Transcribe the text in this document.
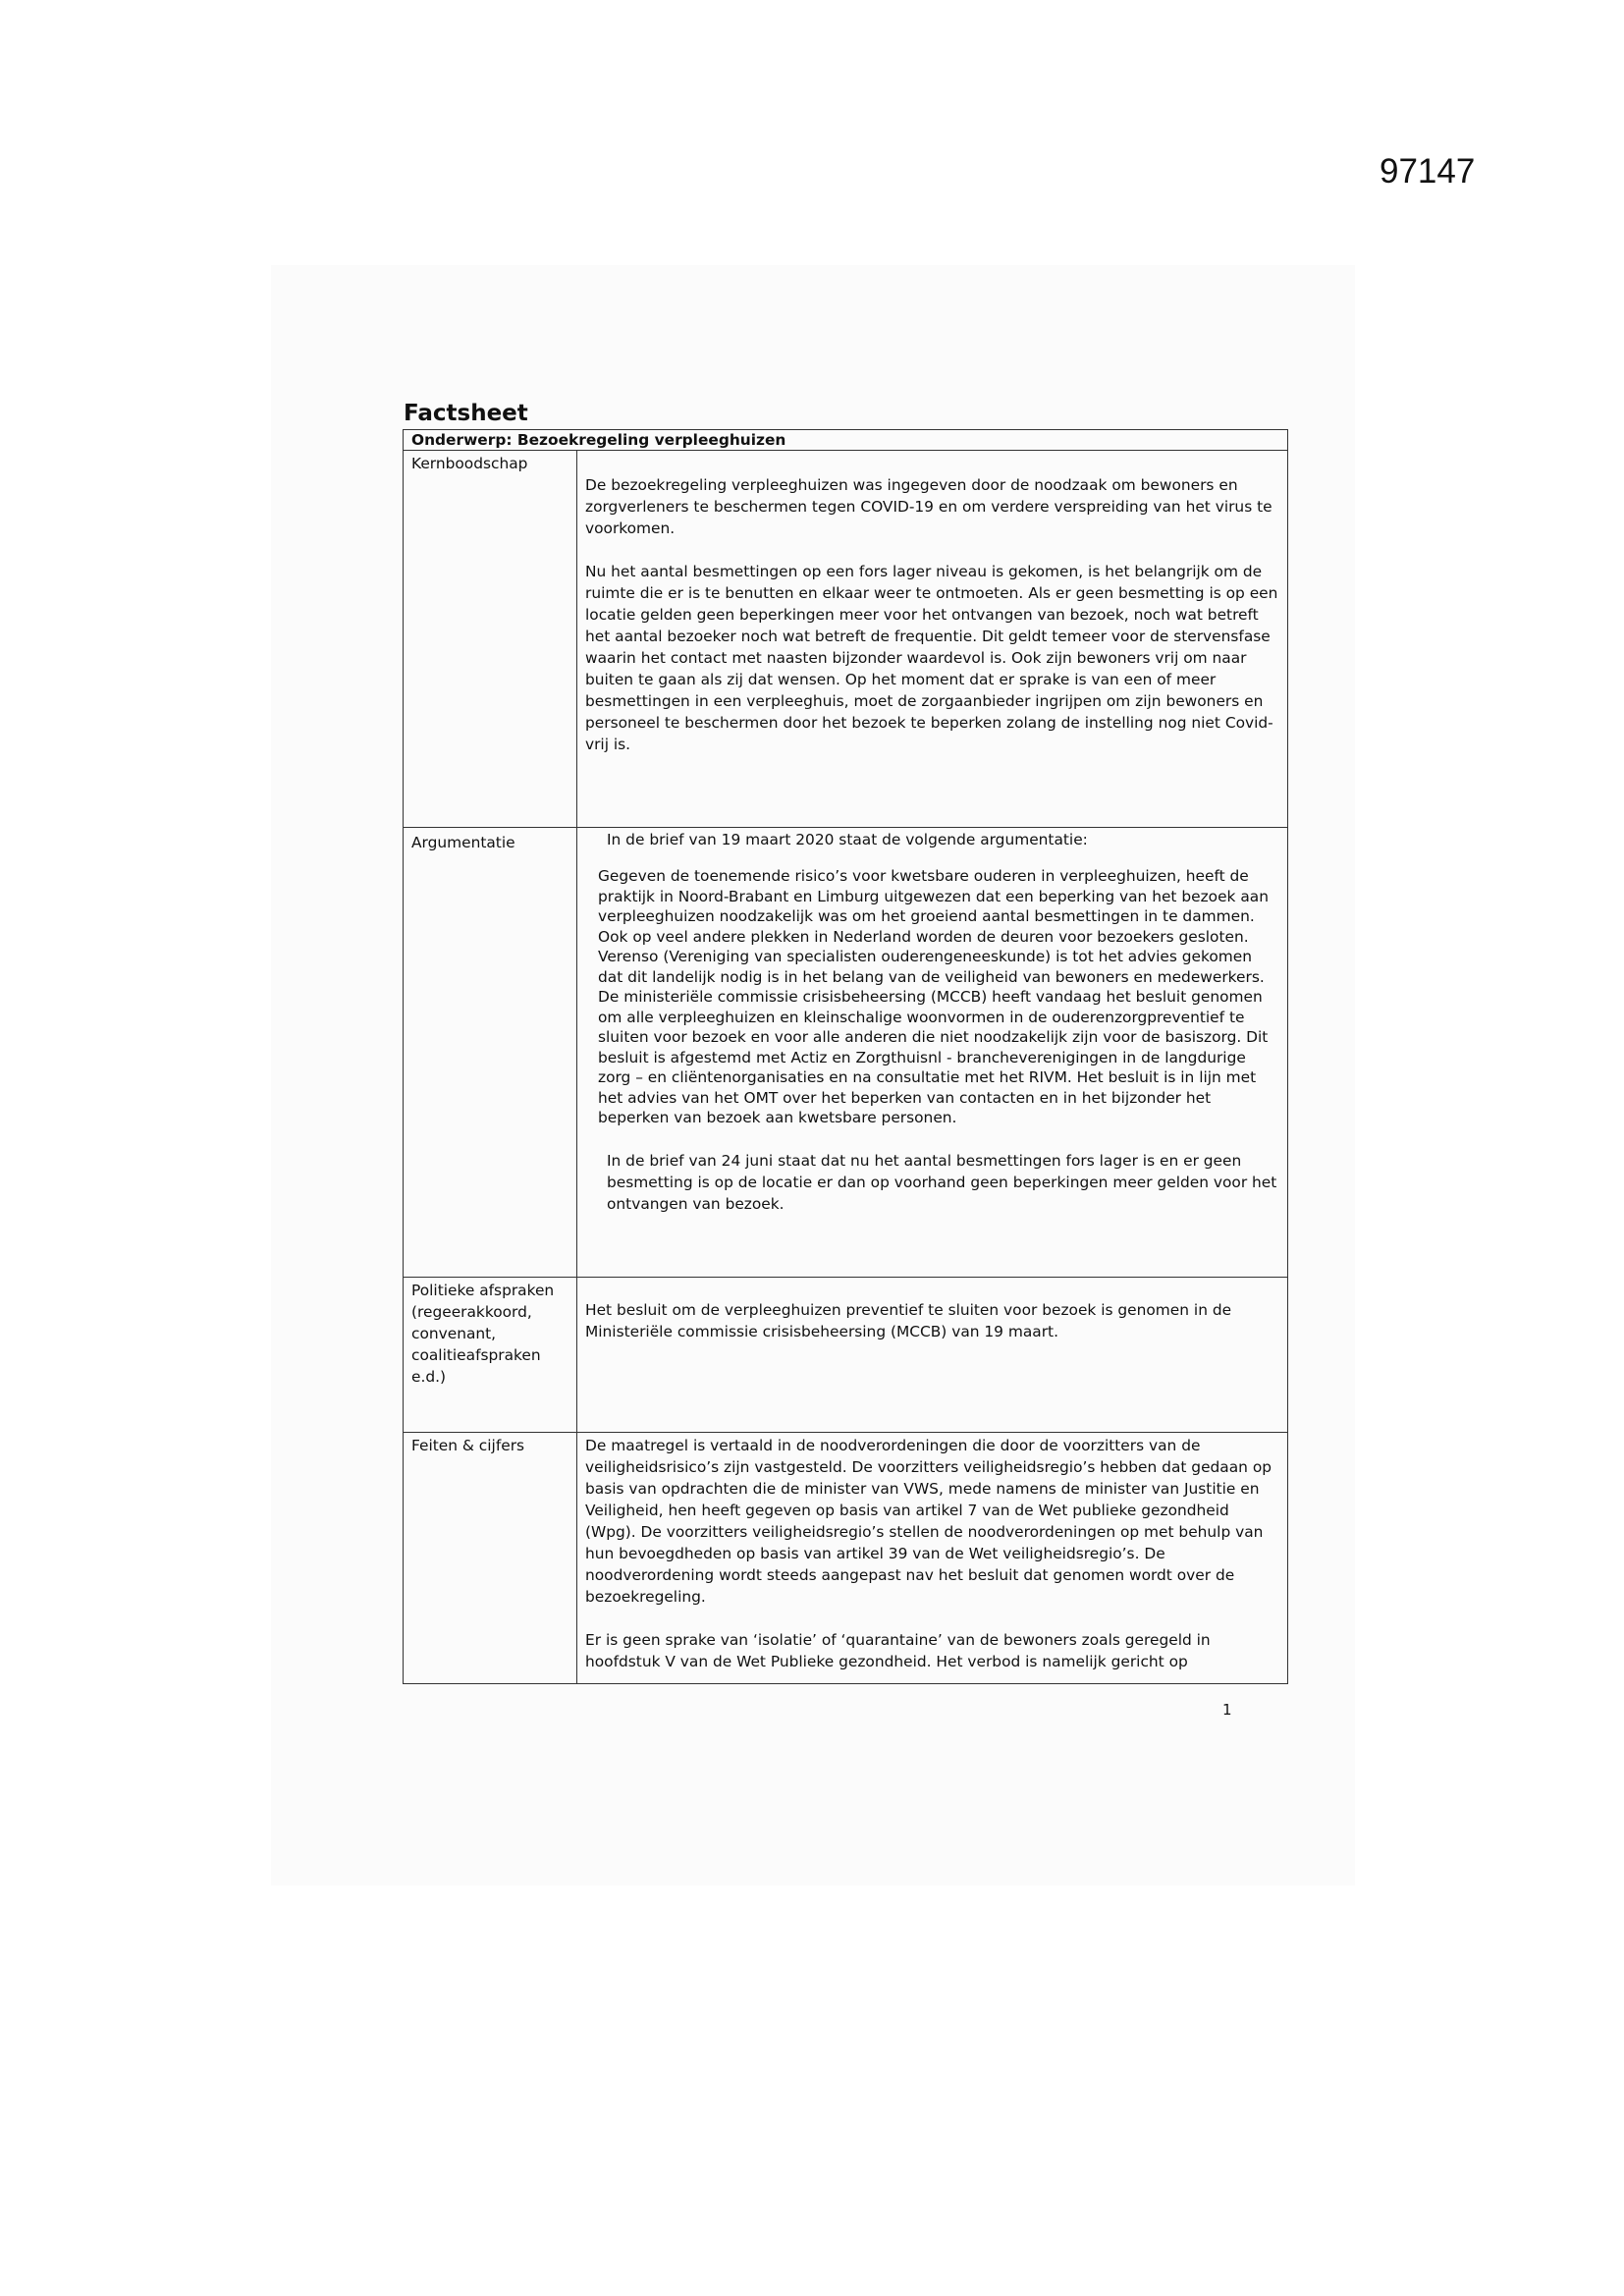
97147
Factsheet
Onderwerp: Bezoekregeling verpleeghuizen	
Kernboodschap	De bezoekregeling verpleeghuizen was ingegeven door de noodzaak om bewoners en zorgverleners te beschermen tegen COVID-19 en om verdere verspreiding van het virus te voorkomen.

Nu het aantal besmettingen op een fors lager niveau is gekomen, is het belangrijk om de ruimte die er is te benutten en elkaar weer te ontmoeten. Als er geen besmetting is op een locatie gelden geen beperkingen meer voor het ontvangen van bezoek, noch wat betreft het aantal bezoeker noch wat betreft de frequentie. Dit geldt temeer voor de stervensfase waarin het contact met naasten bijzonder waardevol is. Ook zijn bewoners vrij om naar buiten te gaan als zij dat wensen. Op het moment dat er sprake is van een of meer besmettingen in een verpleeghuis, moet de zorgaanbieder ingrijpen om zijn bewoners en personeel te beschermen door het bezoek te beperken zolang de instelling nog niet Covid-vrij is.

Argumentatie	In de brief van 19 maart 2020 staat de volgende argumentatie:

Gegeven de toenemende risico’s voor kwetsbare ouderen in verpleeghuizen, heeft de praktijk in Noord-Brabant en Limburg uitgewezen dat een beperking van het bezoek aan verpleeghuizen noodzakelijk was om het groeiend aantal besmettingen in te dammen. Ook op veel andere plekken in Nederland worden de deuren voor bezoekers gesloten. Verenso (Vereniging van specialisten ouderengeneeskunde) is tot het advies gekomen dat dit landelijk nodig is in het belang van de veiligheid van bewoners en medewerkers. De ministeriële commissie crisisbeheersing (MCCB) heeft vandaag het besluit genomen om alle verpleeghuizen en kleinschalige woonvormen in de ouderenzorgpreventief te sluiten voor bezoek en voor alle anderen die niet noodzakelijk zijn voor de basiszorg. Dit besluit is afgestemd met Actiz en Zorgthuisnl - brancheverenigingen in de langdurige zorg – en cliëntenorganisaties en na consultatie met het RIVM. Het besluit is in lijn met het advies van het OMT over het beperken van contacten en in het bijzonder het beperken van bezoek aan kwetsbare personen.

In de brief van 24 juni staat dat nu het aantal besmettingen fors lager is en er geen besmetting is op de locatie er dan op voorhand geen beperkingen meer gelden voor het ontvangen van bezoek.

Politieke afspraken (regeerakkoord, convenant, coalitieafspraken e.d.)	Het besluit om de verpleeghuizen preventief te sluiten voor bezoek is genomen in de Ministeriële commissie crisisbeheersing (MCCB) van 19 maart.

Feiten & cijfers	De maatregel is vertaald in de noodverordeningen die door de voorzitters van de veiligheidsrisico’s zijn vastgesteld. De voorzitters veiligheidsregio’s hebben dat gedaan op basis van opdrachten die de minister van VWS, mede namens de minister van Justitie en Veiligheid, hen heeft gegeven op basis van artikel 7 van de Wet publieke gezondheid (Wpg). De voorzitters veiligheidsregio’s stellen de noodverordeningen op met behulp van hun bevoegdheden op basis van artikel 39 van de Wet veiligheidsregio’s. De noodverordening wordt steeds aangepast nav het besluit dat genomen wordt over de bezoekregeling.

Er is geen sprake van ‘isolatie’ of ‘quarantaine’ van de bewoners zoals geregeld in hoofdstuk V van de Wet Publieke gezondheid. Het verbod is namelijk gericht op

1
